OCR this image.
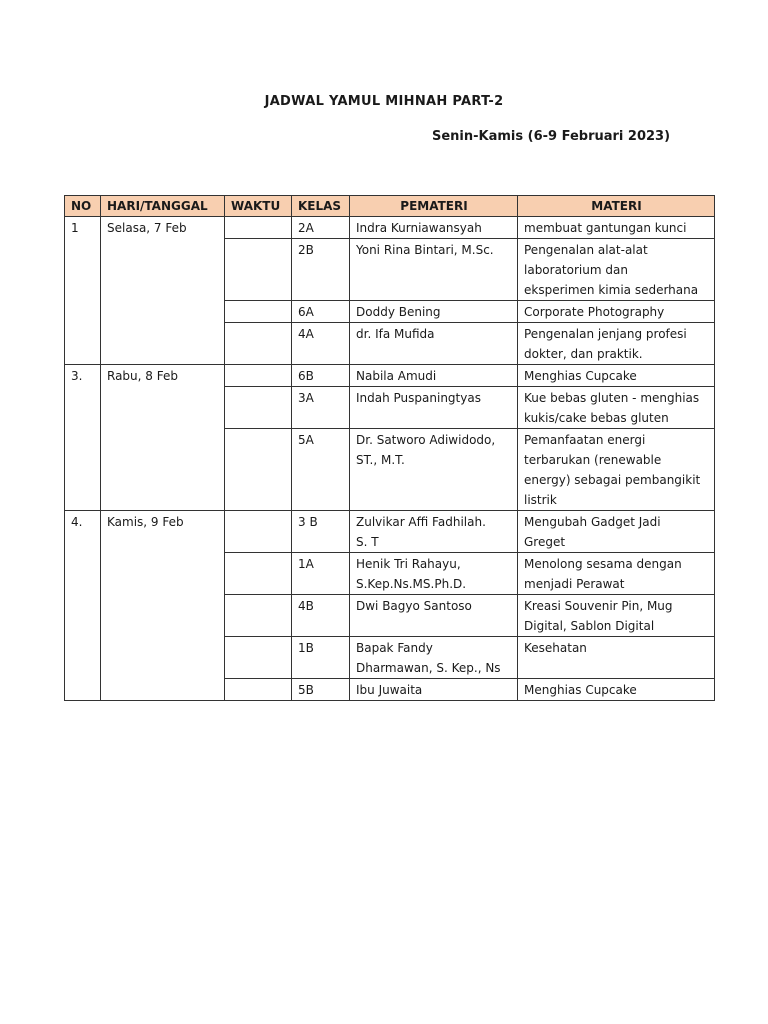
JADWAL YAMUL MIHNAH PART-2
Senin-Kamis (6-9 Februari 2023)
NO	HARI/TANGGAL	WAKTU	KELAS	PEMATERI	MATERI
1	Selasa, 7 Feb		2A	Indra Kurniawansyah	membuat gantungan kunci
			2B	Yoni Rina Bintari, M.Sc.	Pengenalan alat-alat
laboratorium dan
eksperimen kimia sederhana
			6A	Doddy Bening	Corporate Photography
			4A	dr. Ifa Mufida	Pengenalan jenjang profesi
dokter, dan praktik.
3.	Rabu, 8 Feb		6B	Nabila Amudi	Menghias Cupcake
			3A	Indah Puspaningtyas	Kue bebas gluten - menghias
kukis/cake bebas gluten
			5A	Dr. Satworo Adiwidodo,
ST., M.T.	Pemanfaatan energi
terbarukan (renewable
energy) sebagai pembangikit
listrik
4.	Kamis, 9 Feb		3 B	Zulvikar Affi Fadhilah.
S. T	Mengubah Gadget Jadi
Greget
			1A	Henik Tri Rahayu,
S.Kep.Ns.MS.Ph.D.	Menolong sesama dengan
menjadi Perawat
			4B	Dwi Bagyo Santoso	Kreasi Souvenir Pin, Mug
Digital, Sablon Digital
			1B	Bapak Fandy
Dharmawan, S. Kep., Ns	Kesehatan
			5B	Ibu Juwaita	Menghias Cupcake
